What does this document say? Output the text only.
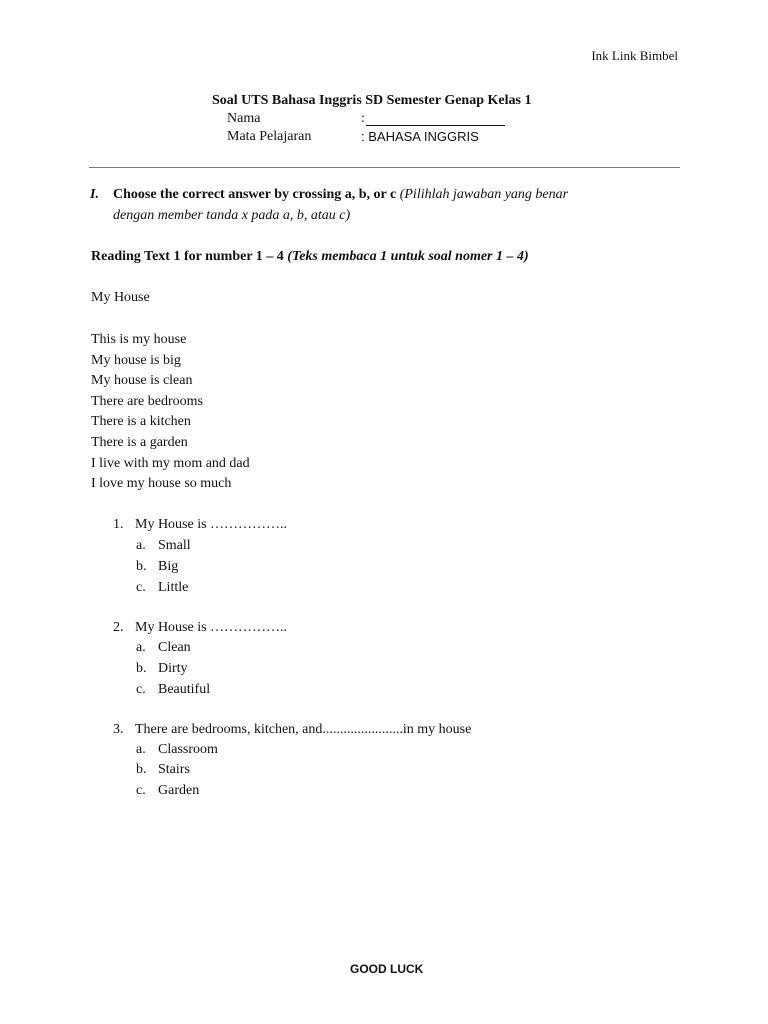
Ink Link Bimbel
Soal UTS Bahasa Inggris SD Semester Genap Kelas 1
Nama	:
Mata Pelajaran	: BAHASA INGGRIS
I. Choose the correct answer by crossing a, b, or c (Pilihlah jawaban yang benar
dengan member tanda x pada a, b, atau c)
Reading Text 1 for number 1 – 4 (Teks membaca 1 untuk soal nomer 1 – 4)
My House
This is my house
My house is big
My house is clean
There are bedrooms
There is a kitchen
There is a garden
I live with my mom and dad
I love my house so much
1. My House is ……………..
a. Small
b. Big
c. Little
2. My House is ……………..
a. Clean
b. Dirty
c. Beautiful
3. There are bedrooms, kitchen, and.......................in my house
a. Classroom
b. Stairs
c. Garden
GOOD LUCK
